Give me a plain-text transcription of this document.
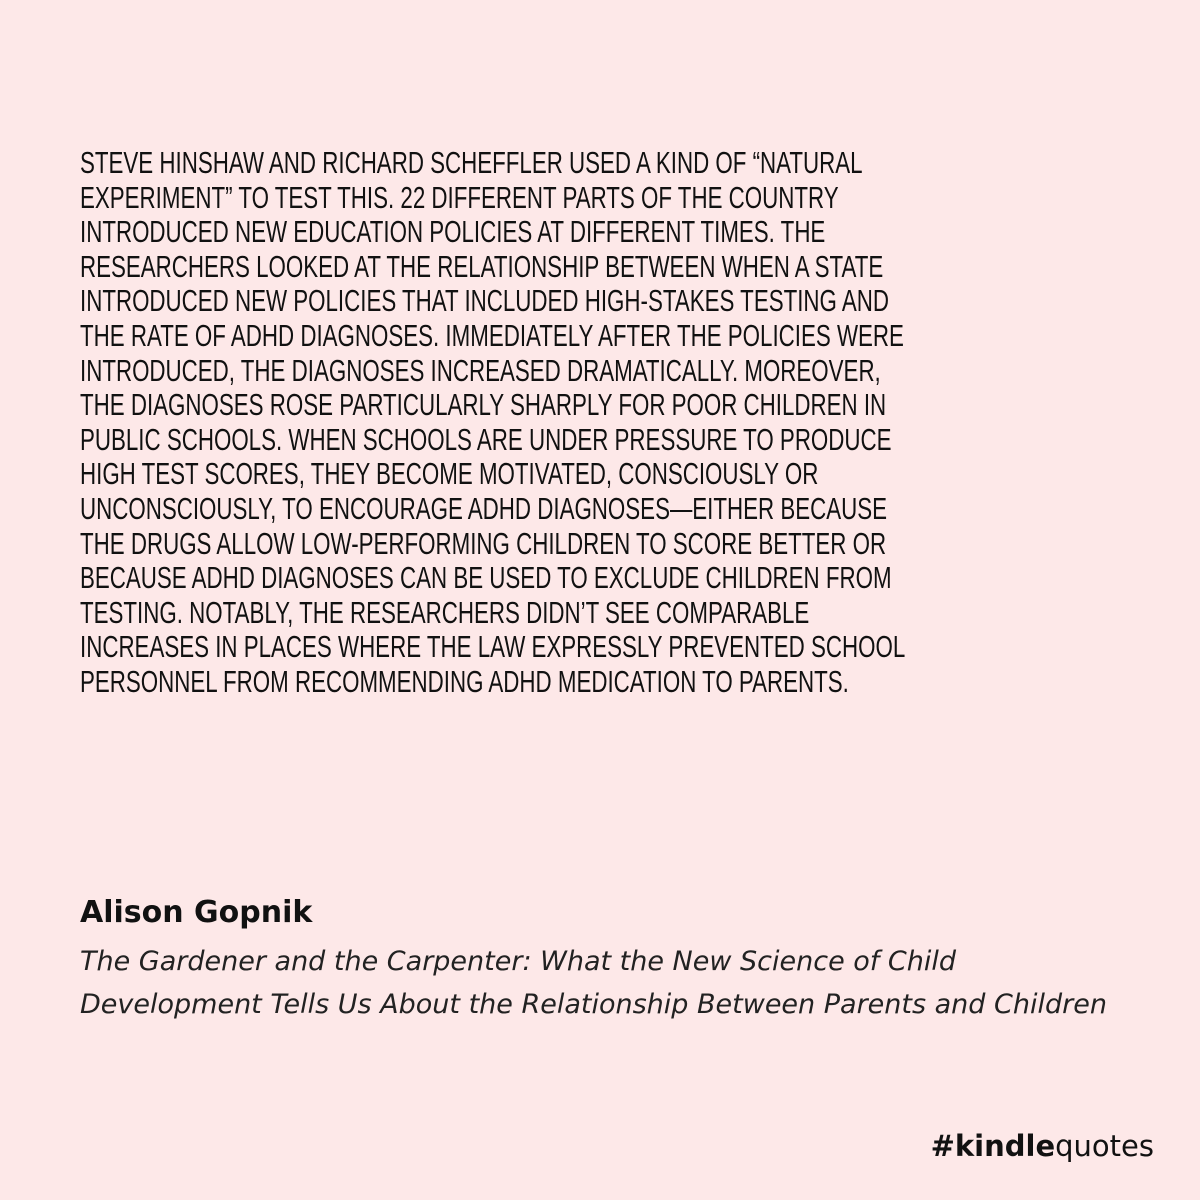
STEVE HINSHAW AND RICHARD SCHEFFLER USED A KIND OF “NATURAL
EXPERIMENT” TO TEST THIS. 22 DIFFERENT PARTS OF THE COUNTRY
INTRODUCED NEW EDUCATION POLICIES AT DIFFERENT TIMES. THE
RESEARCHERS LOOKED AT THE RELATIONSHIP BETWEEN WHEN A STATE
INTRODUCED NEW POLICIES THAT INCLUDED HIGH-STAKES TESTING AND
THE RATE OF ADHD DIAGNOSES. IMMEDIATELY AFTER THE POLICIES WERE
INTRODUCED, THE DIAGNOSES INCREASED DRAMATICALLY. MOREOVER,
THE DIAGNOSES ROSE PARTICULARLY SHARPLY FOR POOR CHILDREN IN
PUBLIC SCHOOLS. WHEN SCHOOLS ARE UNDER PRESSURE TO PRODUCE
HIGH TEST SCORES, THEY BECOME MOTIVATED, CONSCIOUSLY OR
UNCONSCIOUSLY, TO ENCOURAGE ADHD DIAGNOSES—EITHER BECAUSE
THE DRUGS ALLOW LOW-PERFORMING CHILDREN TO SCORE BETTER OR
BECAUSE ADHD DIAGNOSES CAN BE USED TO EXCLUDE CHILDREN FROM
TESTING. NOTABLY, THE RESEARCHERS DIDN’T SEE COMPARABLE
INCREASES IN PLACES WHERE THE LAW EXPRESSLY PREVENTED SCHOOL
PERSONNEL FROM RECOMMENDING ADHD MEDICATION TO PARENTS.
Alison Gopnik
The Gardener and the Carpenter: What the New Science of Child Development Tells Us About the Relationship Between Parents and Children
#kindlequotes
